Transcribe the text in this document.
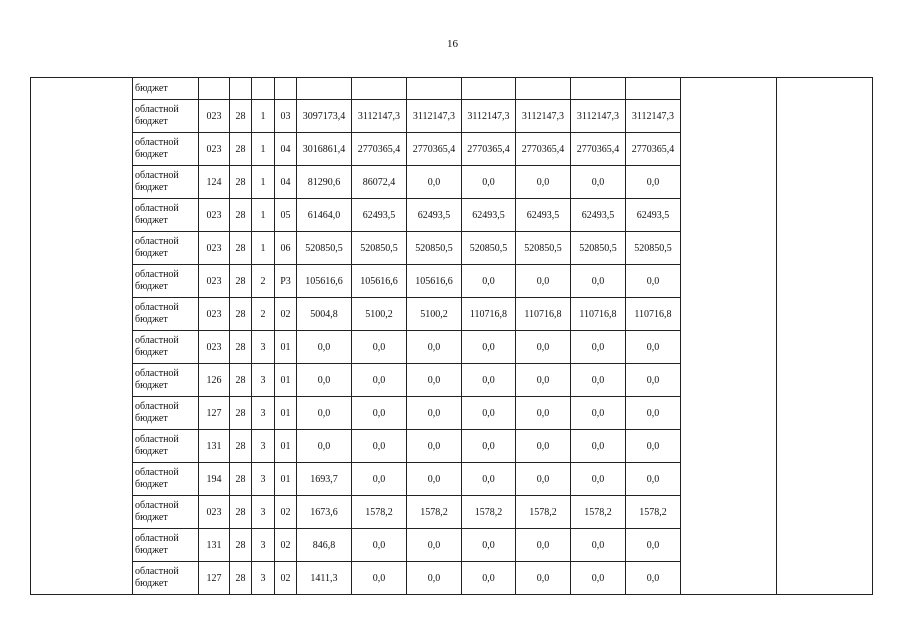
16
	бюджет													
	областной бюджет	023	28	1	03	3097173,4	3112147,3	3112147,3	3112147,3	3112147,3	3112147,3	3112147,3		
	областной бюджет	023	28	1	04	3016861,4	2770365,4	2770365,4	2770365,4	2770365,4	2770365,4	2770365,4		
	областной бюджет	124	28	1	04	81290,6	86072,4	0,0	0,0	0,0	0,0	0,0		
	областной бюджет	023	28	1	05	61464,0	62493,5	62493,5	62493,5	62493,5	62493,5	62493,5		
	областной бюджет	023	28	1	06	520850,5	520850,5	520850,5	520850,5	520850,5	520850,5	520850,5		
	областной бюджет	023	28	2	Р3	105616,6	105616,6	105616,6	0,0	0,0	0,0	0,0		
	областной бюджет	023	28	2	02	5004,8	5100,2	5100,2	110716,8	110716,8	110716,8	110716,8		
	областной бюджет	023	28	3	01	0,0	0,0	0,0	0,0	0,0	0,0	0,0		
	областной бюджет	126	28	3	01	0,0	0,0	0,0	0,0	0,0	0,0	0,0		
	областной бюджет	127	28	3	01	0,0	0,0	0,0	0,0	0,0	0,0	0,0		
	областной бюджет	131	28	3	01	0,0	0,0	0,0	0,0	0,0	0,0	0,0		
	областной бюджет	194	28	3	01	1693,7	0,0	0,0	0,0	0,0	0,0	0,0		
	областной бюджет	023	28	3	02	1673,6	1578,2	1578,2	1578,2	1578,2	1578,2	1578,2		
	областной бюджет	131	28	3	02	846,8	0,0	0,0	0,0	0,0	0,0	0,0		
	областной бюджет	127	28	3	02	1411,3	0,0	0,0	0,0	0,0	0,0	0,0		
